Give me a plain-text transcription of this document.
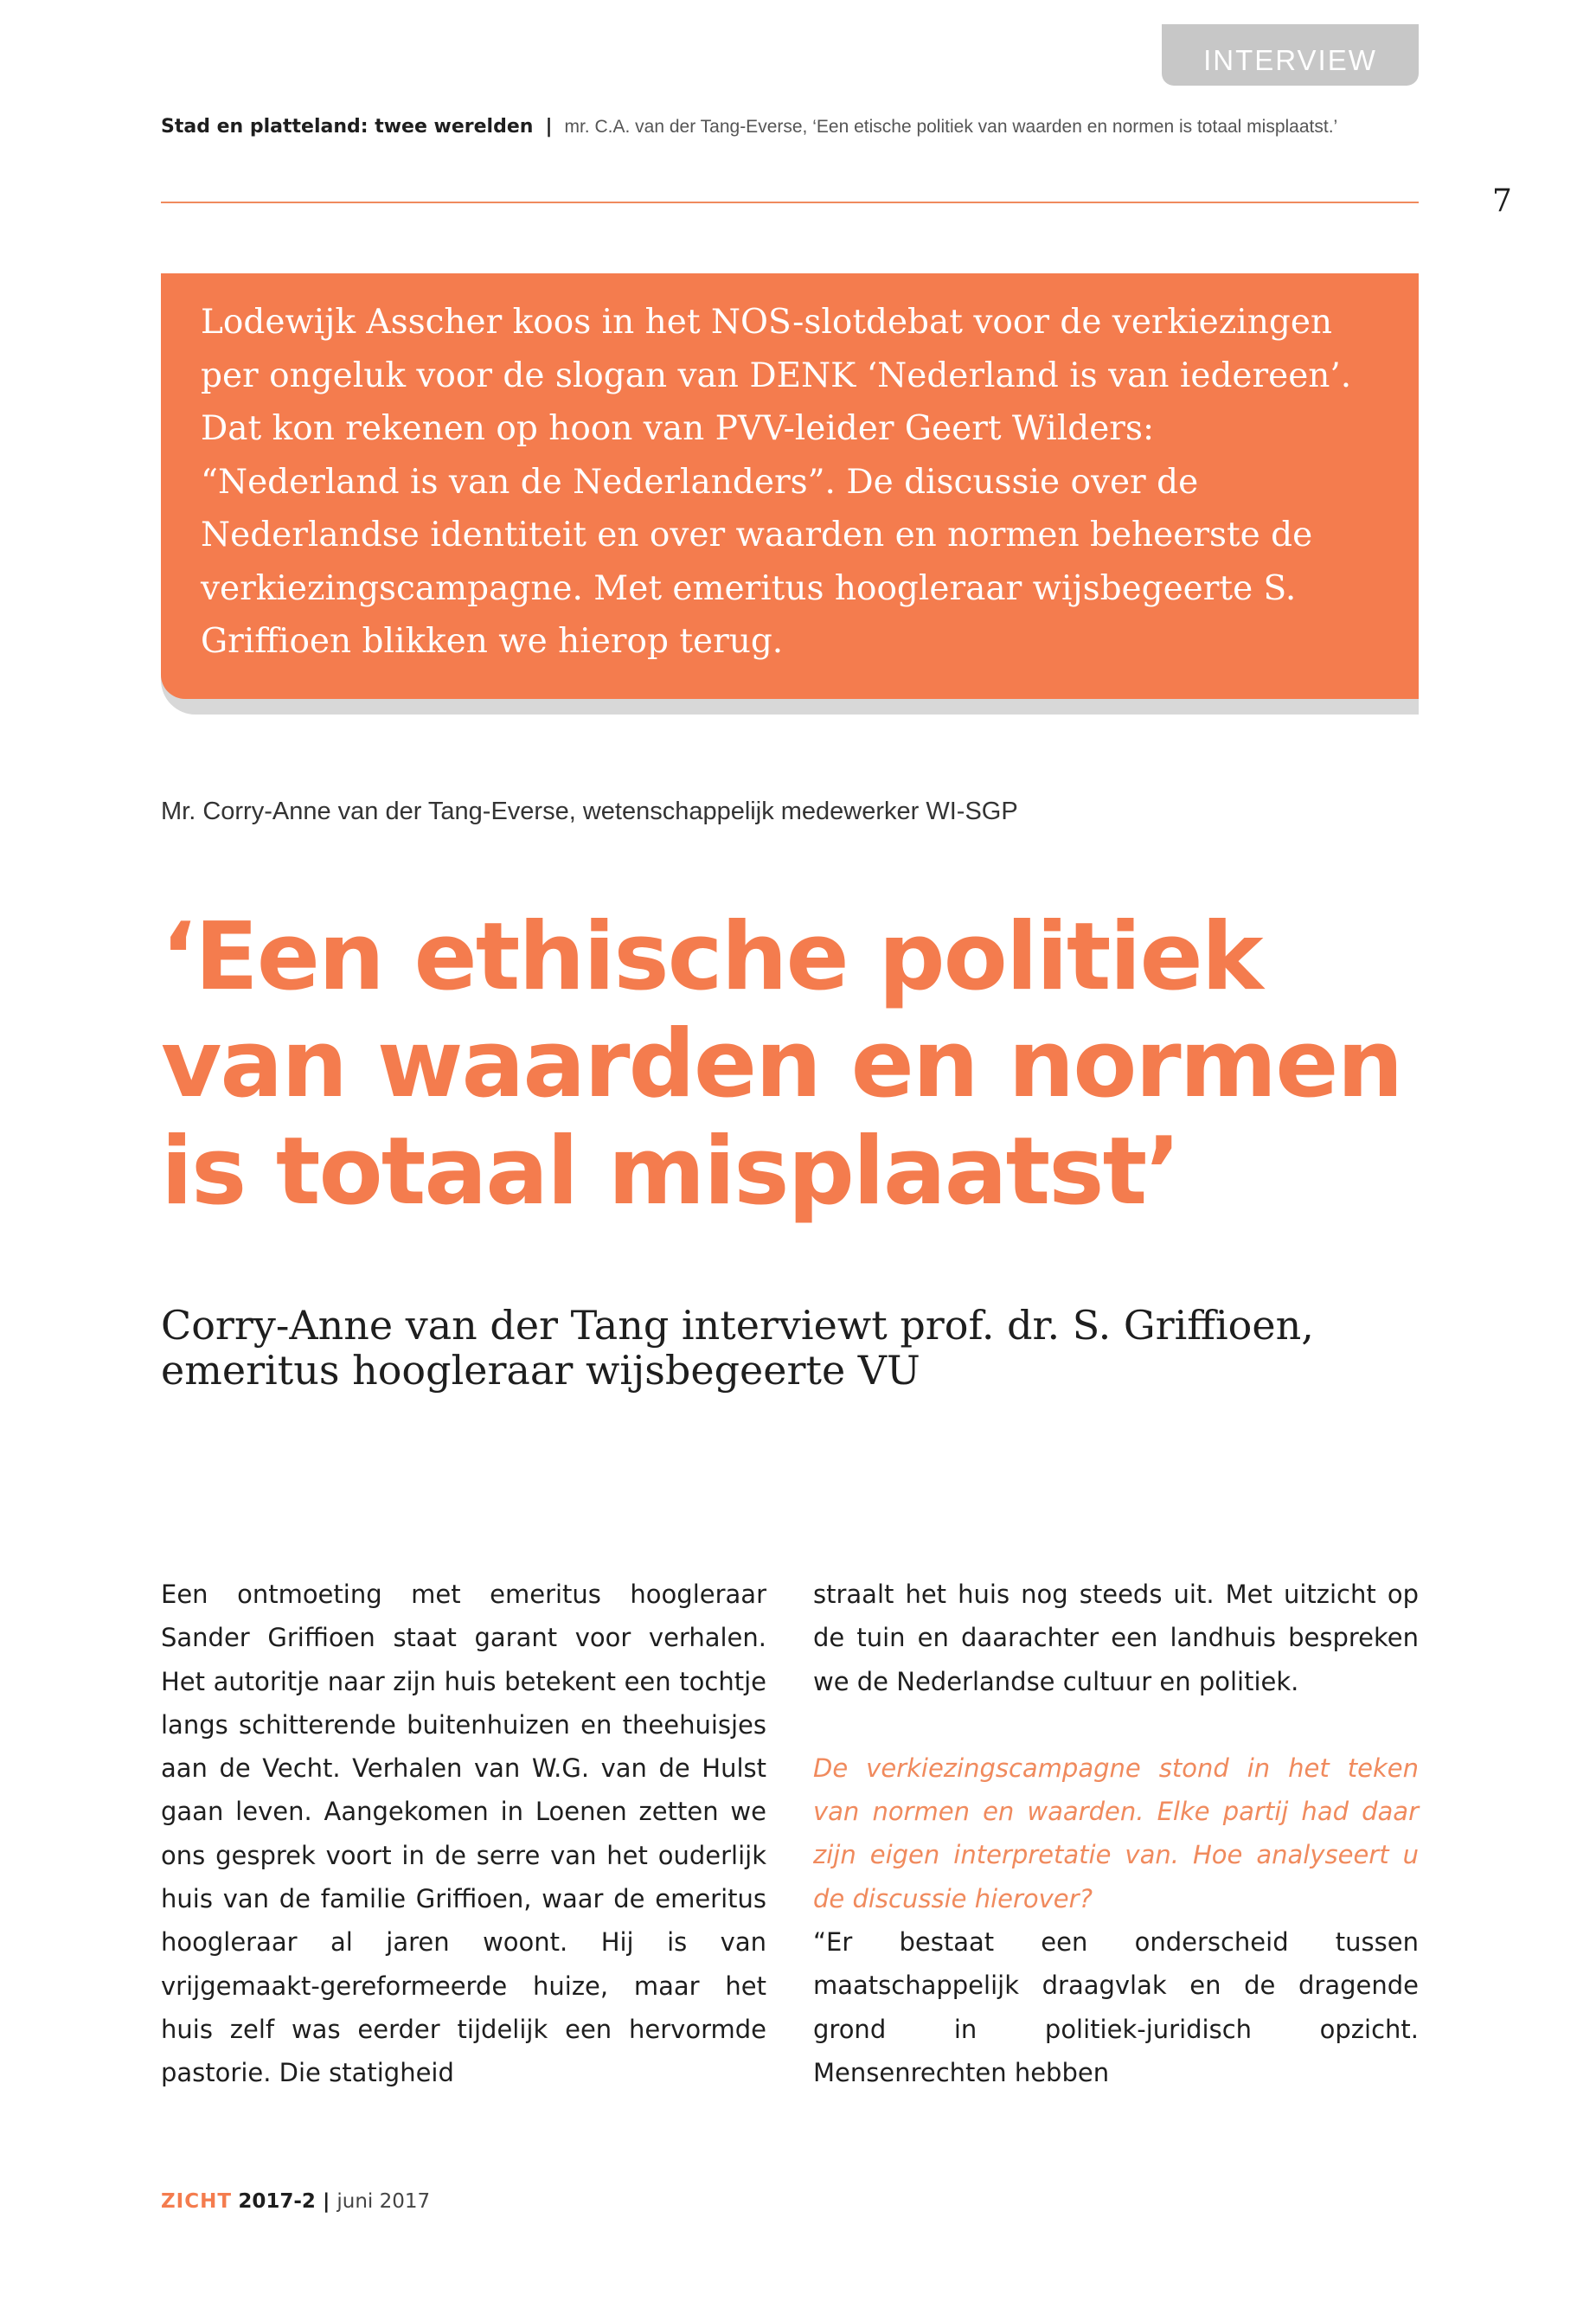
INTERVIEW
Stad en platteland: twee werelden | mr. C.A. van der Tang-Everse, ‘Een etische politiek van waarden en normen is totaal misplaatst.’
7
Lodewijk Asscher koos in het NOS-slotdebat voor de verkiezingen per ongeluk voor de slogan van DENK ‘Nederland is van iedereen’. Dat kon rekenen op hoon van PVV-leider Geert Wilders: “Nederland is van de Nederlanders”. De discussie over de Nederlandse identiteit en over waarden en normen beheerste de verkiezingscampagne. Met emeritus hoogleraar wijsbegeerte S. Griffioen blikken we hierop terug.
Mr. Corry-Anne van der Tang-Everse, wetenschappelijk medewerker WI-SGP
‘Een ethische politiek van waarden en normen is totaal misplaatst’
Corry-Anne van der Tang interviewt prof. dr. S. Griffioen, emeritus hoogleraar wijsbegeerte VU

Een ontmoeting met emeritus hoogleraar Sander Griffioen staat garant voor verhalen. Het autoritje naar zijn huis betekent een tochtje langs schitterende buitenhuizen en theehuisjes aan de Vecht. Verhalen van W.G. van de Hulst gaan leven. Aangekomen in Loenen zetten we ons gesprek voort in de serre van het ouderlijk huis van de familie Griffioen, waar de emeritus hoogleraar al jaren woont. Hij is van vrijgemaakt-gereformeerde huize, maar het huis zelf was eerder tijdelijk een hervormde pastorie. Die statigheid

straalt het huis nog steeds uit. Met uitzicht op de tuin en daarachter een landhuis bespreken we de Nederlandse cultuur en politiek.

De verkiezingscampagne stond in het teken van normen en waarden. Elke partij had daar zijn eigen interpretatie van. Hoe analyseert u de discussie hierover?

“Er bestaat een onderscheid tussen maatschappelijk draagvlak en de dragende grond in politiek-juridisch opzicht. Mensenrechten hebben

ZICHT 2017-2 | juni 2017
